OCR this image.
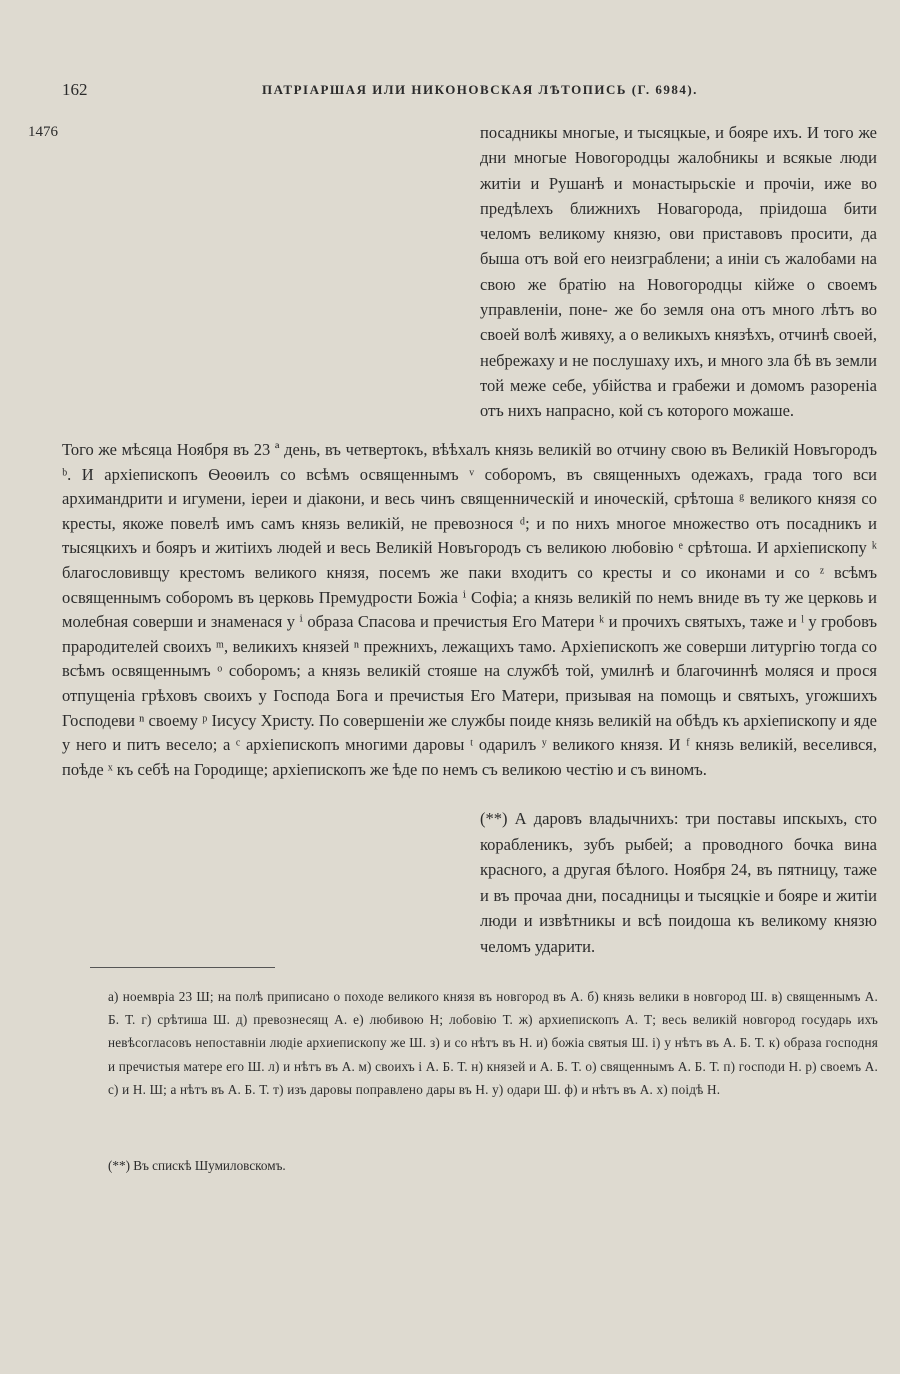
162	ПАТРІАРШАЯ ИЛИ НИКОНОВСКАЯ ЛѢТОПИСЬ (Г. 6984).
1476	посадникы многые, и тысяцкые, и бояре ихъ. И того же дни многые Новогородцы жалобникы и всякые люди житіи и Рушанѣ и монастырьскіе и прочіи, иже во предѣлехъ ближнихъ Новагорода, пріидоша бити челомъ великому князю, ови приставовъ просити, да быша отъ вой его неизграблени; а иніи съ жалобами на свою же братію на Новогородцы кійже о своемъ управленіи, поне- же бо земля она отъ много лѣтъ во своей волѣ живяху, а о великыхъ князѣхъ, отчинѣ своей, небрежаху и не послушаху ихъ, и много зла бѣ въ земли той меже себе, убійства и грабежи и домомъ разореніа отъ нихъ напрасно, кой съ которого можаше.

Того же мѣсяца Ноября въ 23 ª день, въ четвертокъ, вѣѣхалъ князь великій во отчину свою въ Великій Новъгородъ ᵇ. И архіепископъ Ѳеоѳилъ со всѣмъ освященнымъ ᵛ соборомъ, въ священныхъ одежахъ, града того вси архимандрити и игумени, іереи и діакони, и весь чинъ священническій и иноческій, срѣтоша ᵍ великого князя со кресты, якоже повелѣ имъ самъ князь великій, не превознося ᵈ; и по нихъ многое множество отъ посадникъ и тысяцкихъ и бояръ и житіихъ людей и весь Великій Новъгородъ съ великою любовію ᵉ срѣтоша. И архіепископу ᵏ благословивщу крестомъ великого князя, посемъ же паки входитъ со кресты и со иконами и со ᶻ всѣмъ освященнымъ соборомъ въ церковь Премудрости Божіа ⁱ Софіа; а князь великій по немъ вниде въ ту же церковь и молебная соверши и знаменася у ⁱ образа Спасова и пречистыя Его Матери ᵏ и прочихъ святыхъ, таже и ˡ у гробовъ прародителей своихъ ᵐ, великихъ князей ⁿ прежнихъ, лежащихъ тамо. Архіепископъ же соверши литургію тогда со всѣмъ освященнымъ ᵒ соборомъ; а князь великій стояше на службѣ той, умилнѣ и благочиннѣ моляся и прося отпущеніа грѣховъ своихъ у Господа Бога и пречистыя Его Матери, призывая на помощь и святыхъ, угожшихъ Господеви ⁿ своему ᵖ Іисусу Христу. По совершеніи же службы поиде князь великій на обѣдъ къ архіепископу и яде у него и питъ весело; а ᶜ архіепископъ многими даровы ᵗ одарилъ ʸ великого князя. И ᶠ князь великій, веселився, поѣде ˣ къ себѣ на Городище; архіепископъ же ѣде по немъ съ великою честію и съ виномъ.

(**) А даровъ владычнихъ: три поставы ипскыхъ, сто корабленикъ, зубъ рыбей; а проводного бочка вина красного, а другая бѣлого. Ноября 24, въ пятницу, таже и въ прочаа дни, посадницы и тысяцкіе и бояре и житіи люди и извѣтникы и всѣ поидоша къ великому князю челомъ ударити.

а) ноемвріа 23 Ш; на полѣ приписано о походе великого князя въ новгород въ А. б) князь велики в новгород Ш. в) священнымъ А. Б. Т. г) срѣтиша Ш. д) превознесящ А. е) любивою Н; лобовію Т. ж) архиепископъ А. Т; весь великій новгород государь ихъ невѣсогласовъ непоставніи людіе архиепископу же Ш. з) и со нѣтъ въ Н. и) божіа святыя Ш. і) у нѣтъ въ А. Б. Т. к) образа господня и пречистыя матере его Ш. л) и нѣтъ въ А. м) своихъ і А. Б. Т. н) князей и А. Б. Т. о) священнымъ А. Б. Т. п) господи Н. р) своемъ А. с) и Н. Ш; а нѣтъ въ А. Б. Т. т) изъ даровы поправлено дары въ Н. у) одари Ш. ф) и нѣтъ въ А. х) поідѣ Н.

(**) Въ спискѣ Шумиловскомъ.
